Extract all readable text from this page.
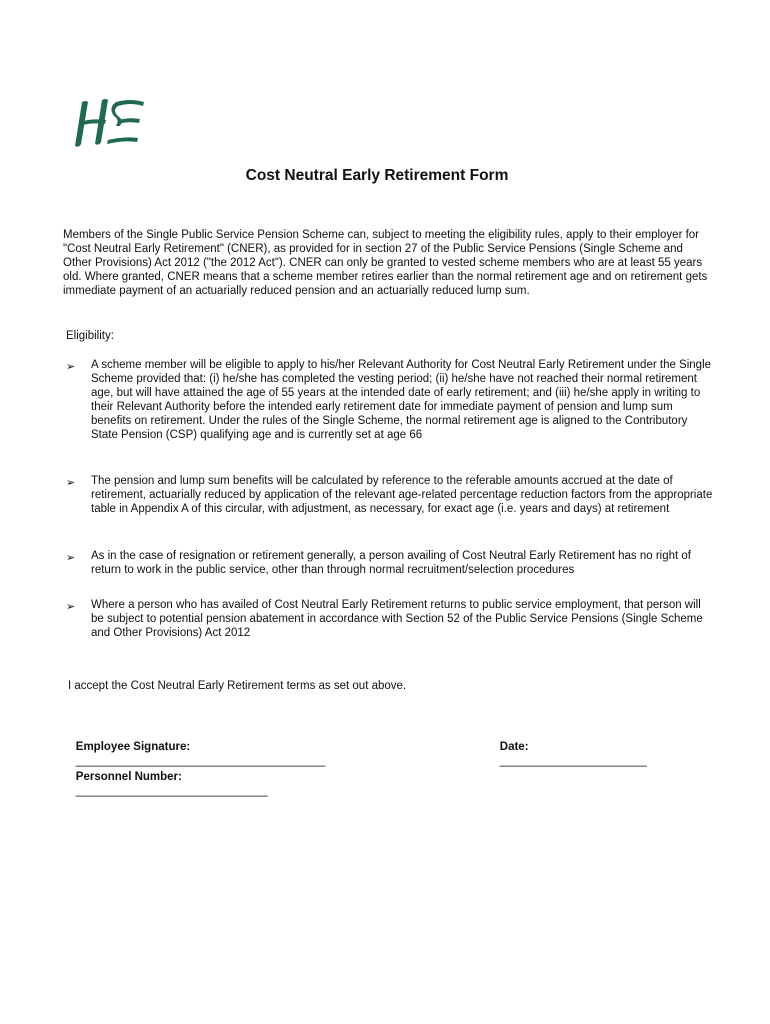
Cost Neutral Early Retirement Form

Members of the Single Public Service Pension Scheme can, subject to meeting the eligibility rules, apply to their employer for "Cost Neutral Early Retirement" (CNER), as provided for in section 27 of the Public Service Pensions (Single Scheme and Other Provisions) Act 2012 ("the 2012 Act"). CNER can only be granted to vested scheme members who are at least 55 years old. Where granted, CNER means that a scheme member retires earlier than the normal retirement age and on retirement gets immediate payment of an actuarially reduced pension and an actuarially reduced lump sum.

Eligibility:
➢	A scheme member will be eligible to apply to his/her Relevant Authority for Cost Neutral Early Retirement under the Single Scheme provided that: (i) he/she has completed the vesting period; (ii) he/she have not reached their normal retirement age, but will have attained the age of 55 years at the intended date of early retirement; and (iii) he/she apply in writing to their Relevant Authority before the intended early retirement date for immediate payment of pension and lump sum benefits on retirement. Under the rules of the Single Scheme, the normal retirement age is aligned to the Contributory State Pension (CSP) qualifying age and is currently set at age 66
➢	The pension and lump sum benefits will be calculated by reference to the referable amounts accrued at the date of retirement, actuarially reduced by application of the relevant age-related percentage reduction factors from the appropriate table in Appendix A of this circular, with adjustment, as necessary, for exact age (i.e. years and days) at retirement
➢	As in the case of resignation or retirement generally, a person availing of Cost Neutral Early Retirement has no right of return to work in the public service, other than through normal recruitment/selection procedures
➢	Where a person who has availed of Cost Neutral Early Retirement returns to public service employment, that person will be subject to potential pension abatement in accordance with Section 52 of the Public Service Pensions (Single Scheme and Other Provisions) Act 2012
I accept the Cost Neutral Early Retirement terms as set out above.

Employee Signature:
_______________________________________

Date:
_______________________

Personnel Number:
______________________________
